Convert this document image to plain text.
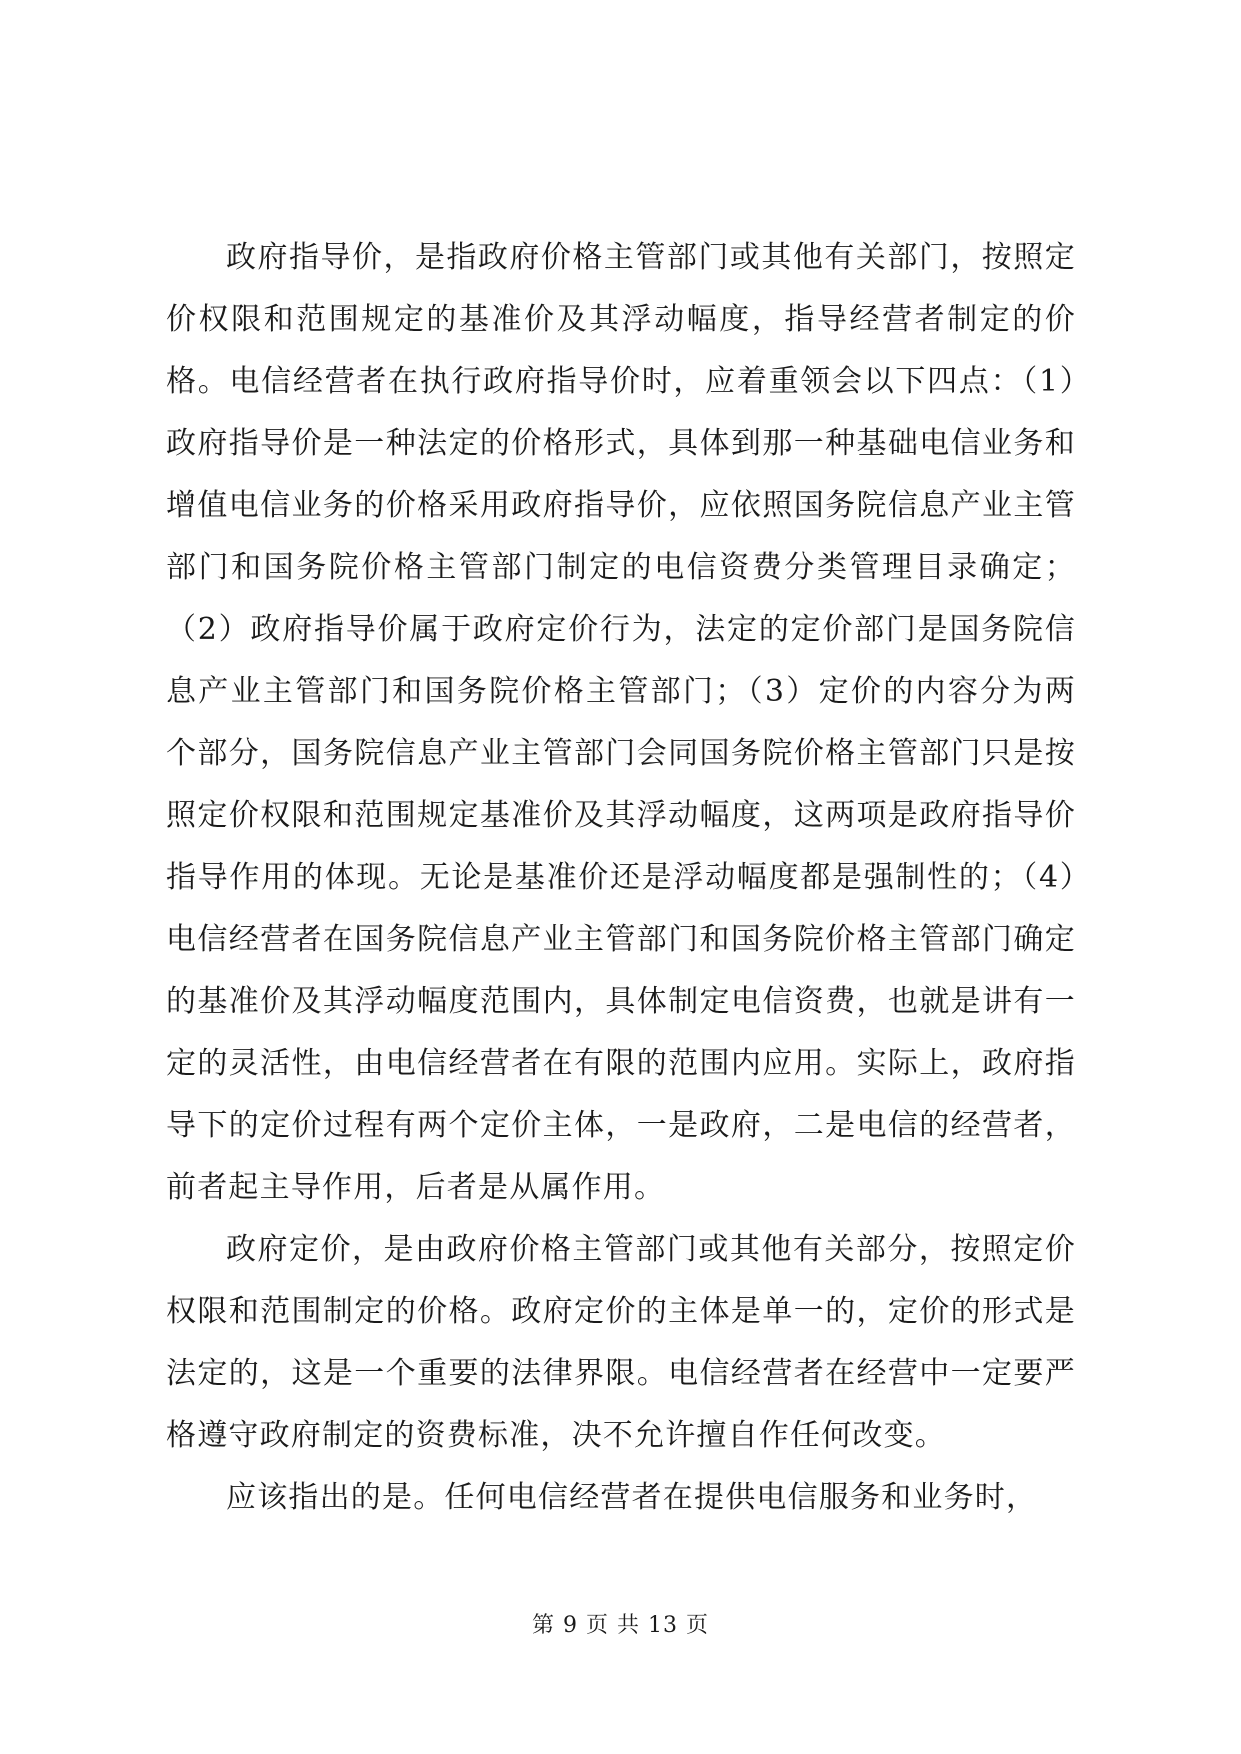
政府指导价，是指政府价格主管部门或其他有关部门，按照定价权限和范围规定的基准价及其浮动幅度，指导经营者制定的价格。电信经营者在执行政府指导价时，应着重领会以下四点：（1）政府指导价是一种法定的价格形式，具体到那一种基础电信业务和增值电信业务的价格采用政府指导价，应依照国务院信息产业主管部门和国务院价格主管部门制定的电信资费分类管理目录确定；（2）政府指导价属于政府定价行为，法定的定价部门是国务院信息产业主管部门和国务院价格主管部门；（3）定价的内容分为两个部分，国务院信息产业主管部门会同国务院价格主管部门只是按照定价权限和范围规定基准价及其浮动幅度，这两项是政府指导价指导作用的体现。无论是基准价还是浮动幅度都是强制性的；（4）电信经营者在国务院信息产业主管部门和国务院价格主管部门确定的基准价及其浮动幅度范围内，具体制定电信资费，也就是讲有一定的灵活性，由电信经营者在有限的范围内应用。实际上，政府指导下的定价过程有两个定价主体，一是政府，二是电信的经营者，前者起主导作用，后者是从属作用。

政府定价，是由政府价格主管部门或其他有关部分，按照定价权限和范围制定的价格。政府定价的主体是单一的，定价的形式是法定的，这是一个重要的法律界限。电信经营者在经营中一定要严格遵守政府制定的资费标准，决不允许擅自作任何改变。

应该指出的是。任何电信经营者在提供电信服务和业务时，

第 9 页 共 13 页
